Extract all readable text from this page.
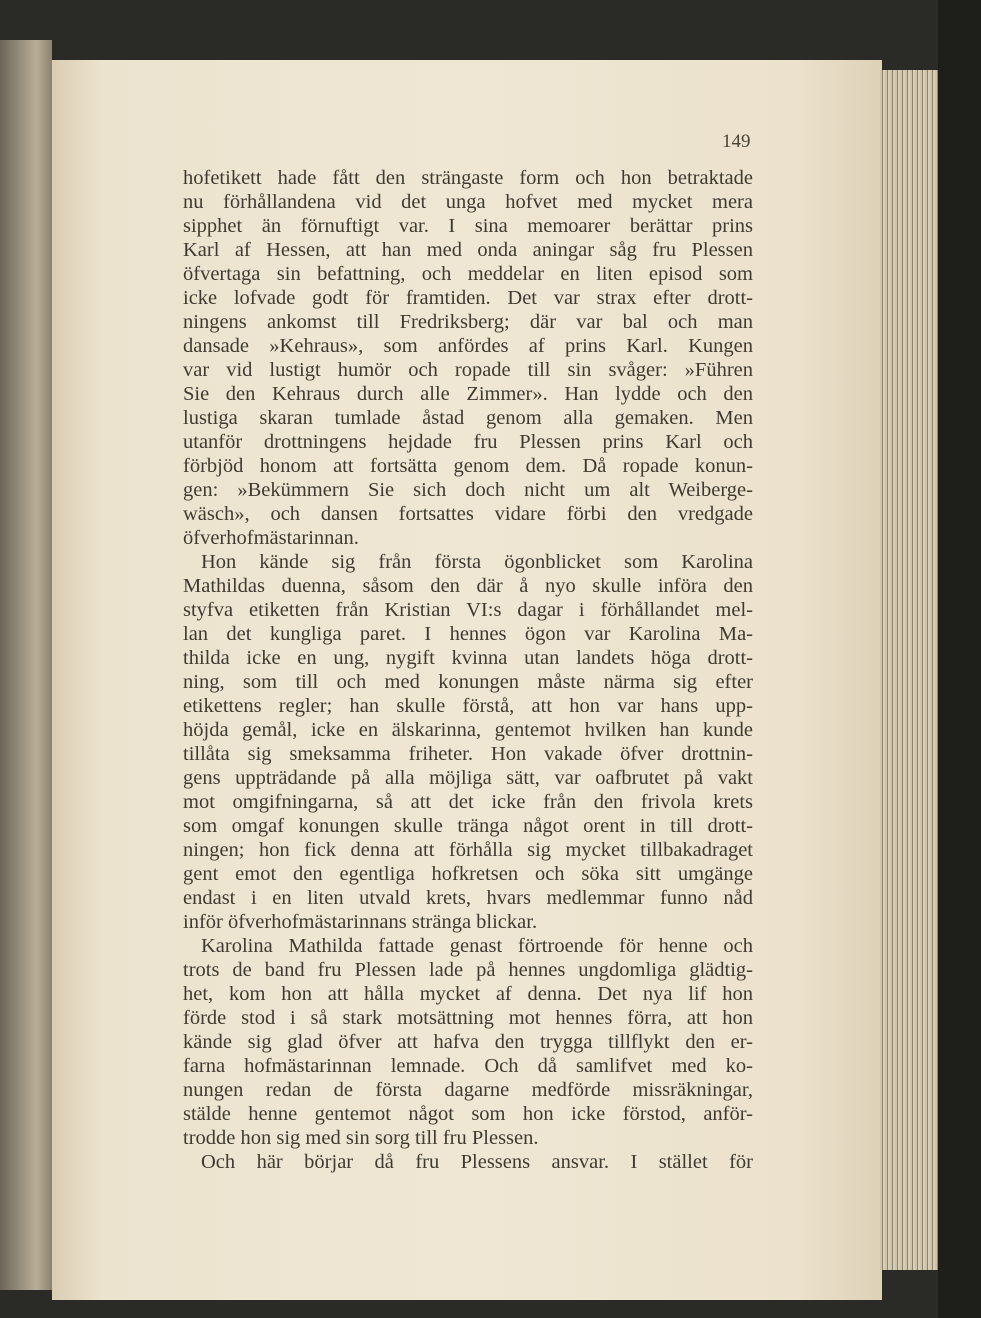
149
hofetikett hade fått den strängaste form och hon betraktade
nu förhållandena vid det unga hofvet med mycket mera
sipphet än förnuftigt var. I sina memoarer berättar prins
Karl af Hessen, att han med onda aningar såg fru Plessen
öfvertaga sin befattning, och meddelar en liten episod som
icke lofvade godt för framtiden. Det var strax efter drott-
ningens ankomst till Fredriksberg; där var bal och man
dansade »Kehraus», som anfördes af prins Karl. Kungen
var vid lustigt humör och ropade till sin svåger: »Führen
Sie den Kehraus durch alle Zimmer». Han lydde och den
lustiga skaran tumlade åstad genom alla gemaken. Men
utanför drottningens hejdade fru Plessen prins Karl och
förbjöd honom att fortsätta genom dem. Då ropade konun-
gen: »Bekümmern Sie sich doch nicht um alt Weiberge-
wäsch», och dansen fortsattes vidare förbi den vredgade
öfverhofmästarinnan.
Hon kände sig från första ögonblicket som Karolina
Mathildas duenna, såsom den där å nyo skulle införa den
styfva etiketten från Kristian VI:s dagar i förhållandet mel-
lan det kungliga paret. I hennes ögon var Karolina Ma-
thilda icke en ung, nygift kvinna utan landets höga drott-
ning, som till och med konungen måste närma sig efter
etikettens regler; han skulle förstå, att hon var hans upp-
höjda gemål, icke en älskarinna, gentemot hvilken han kunde
tillåta sig smeksamma friheter. Hon vakade öfver drottnin-
gens uppträdande på alla möjliga sätt, var oafbrutet på vakt
mot omgifningarna, så att det icke från den frivola krets
som omgaf konungen skulle tränga något orent in till drott-
ningen; hon fick denna att förhålla sig mycket tillbakadraget
gent emot den egentliga hofkretsen och söka sitt umgänge
endast i en liten utvald krets, hvars medlemmar funno nåd
inför öfverhofmästarinnans stränga blickar.
Karolina Mathilda fattade genast förtroende för henne och
trots de band fru Plessen lade på hennes ungdomliga glädtig-
het, kom hon att hålla mycket af denna. Det nya lif hon
förde stod i så stark motsättning mot hennes förra, att hon
kände sig glad öfver att hafva den trygga tillflykt den er-
farna hofmästarinnan lemnade. Och då samlifvet med ko-
nungen redan de första dagarne medförde missräkningar,
stälde henne gentemot något som hon icke förstod, anför-
trodde hon sig med sin sorg till fru Plessen.
Och här börjar då fru Plessens ansvar. I stället för
